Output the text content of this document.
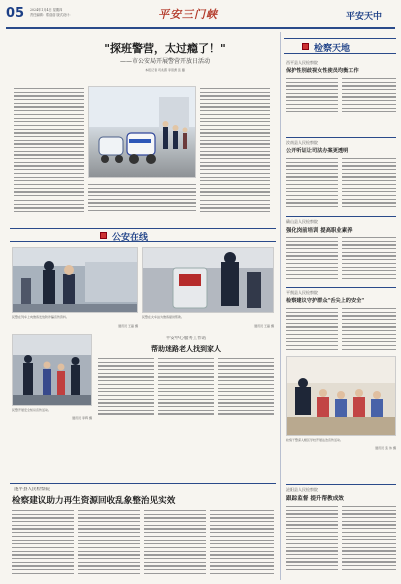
05 2024年1月4日 星期四
责任编辑：郑蓓蓓 版式设计：	平安三门峡	平安天中
"探班警营，太过瘾了！"
——市公安局开展警营开放日活动
本报记者 巩兆霞 李思源 张 璐
公安在线
民警在列车上向旅客发放防诈骗宣传资料。
通讯员 王磊 摄
民警在火车站为旅客提供帮助。
通讯员 王磊 摄
民警开展安全知识宣传活动。
通讯员 李辉 摄
平安中心服务工作站
帮助迷路老人找到家人
遂平县人民检察院
检察建议助力再生资源回收乱象整治见实效
检察天地
西平县人民检察院
保护性别歧视女性使员均衡工作
汝南县人民检察院
公开听证让司法办案更透明
确山县人民检察院
强化岗前培训 提高职业素养
平舆县人民检察院
检察建议守护群众"舌尖上的安全"
检察干警深入辖区学校开展法治宣传活动。
通讯员 张 伟 摄
泌阳县人民检察院
跟踪监督 提升帮教成效
